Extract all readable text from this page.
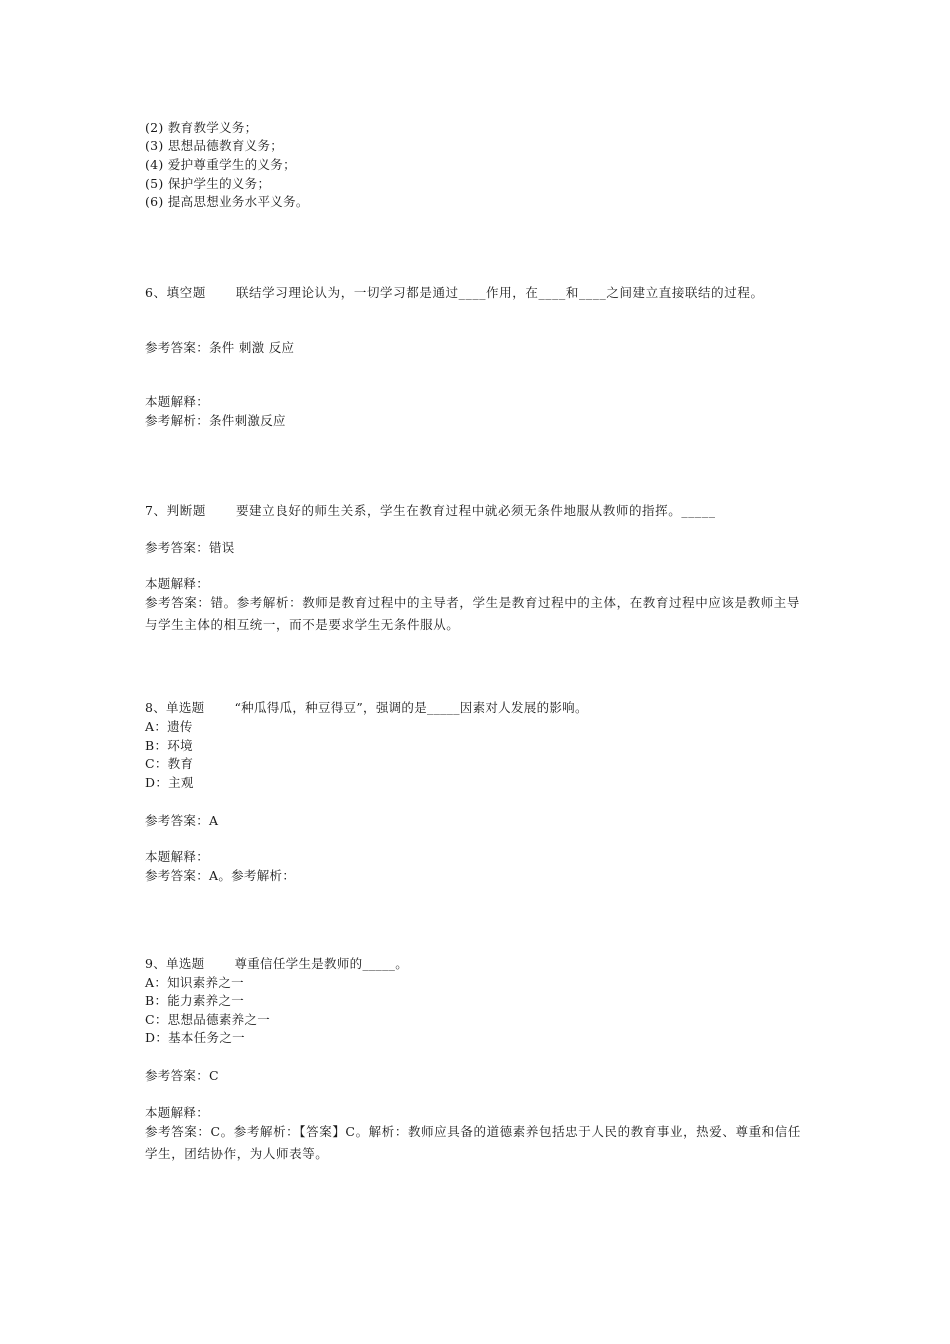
(2) 教育教学义务；
(3) 思想品德教育义务；
(4) 爱护尊重学生的义务；
(5) 保护学生的义务；
(6) 提高思想业务水平义务。
6、填空题 联结学习理论认为，一切学习都是通过____作用，在____和____之间建立直接联结的过程。
参考答案：条件 刺激 反应
本题解释：
参考解析：条件刺激反应
7、判断题 要建立良好的师生关系，学生在教育过程中就必须无条件地服从教师的指挥。_____
参考答案：错误
本题解释：
参考答案：错。参考解析：教师是教育过程中的主导者，学生是教育过程中的主体，在教育过程中应该是教师主导与学生主体的相互统一，而不是要求学生无条件服从。
8、单选题 “种瓜得瓜，种豆得豆”，强调的是_____因素对人发展的影响。
A：遗传
B：环境
C：教育
D：主观
参考答案：A
本题解释：
参考答案：A。参考解析：
9、单选题 尊重信任学生是教师的_____。
A：知识素养之一
B：能力素养之一
C：思想品德素养之一
D：基本任务之一
参考答案：C
本题解释：
参考答案：C。参考解析：【答案】C。解析：教师应具备的道德素养包括忠于人民的教育事业，热爱、尊重和信任学生，团结协作，为人师表等。
